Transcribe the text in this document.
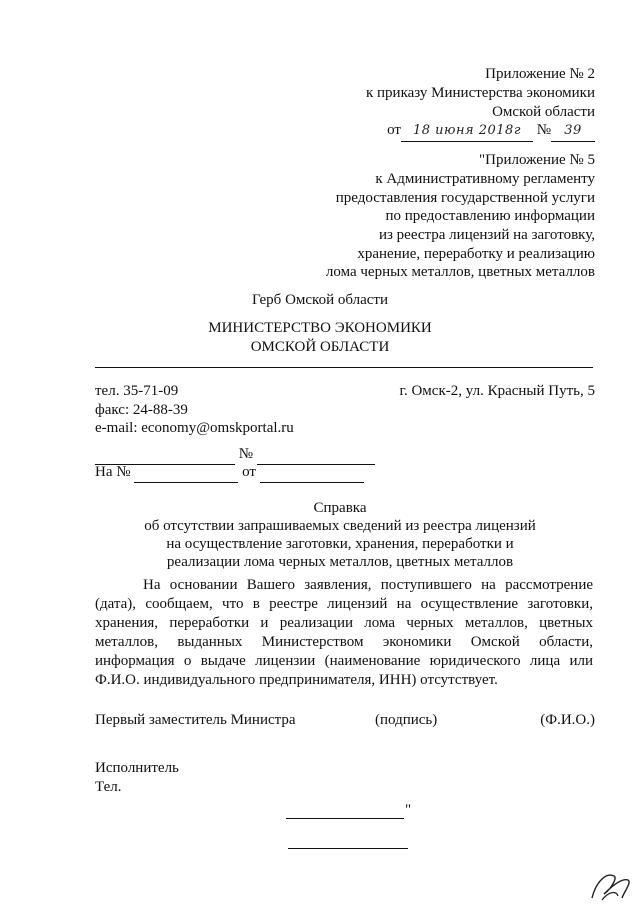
Приложение № 2
к приказу Министерства экономики
Омской области
от 18 июня 2018г № 39
"Приложение № 5
к Административному регламенту
предоставления государственной услуги
по предоставлению информации
из реестра лицензий на заготовку,
хранение, переработку и реализацию
лома черных металлов, цветных металлов
Герб Омской области
МИНИСТЕРСТВО ЭКОНОМИКИ
ОМСКОЙ ОБЛАСТИ
тел. 35-71-09
факс: 24-88-39
e-mail: economy@omskportal.ru
г. Омск-2, ул. Красный Путь, 5
№
На №	от
Справка
об отсутствии запрашиваемых сведений из реестра лицензий
на осуществление заготовки, хранения, переработки и
реализации лома черных металлов, цветных металлов
На основании Вашего заявления, поступившего на рассмотрение (дата), сообщаем, что в реестре лицензий на осуществление заготовки, хранения, переработки и реализации лома черных металлов, цветных металлов, выданных Министерством экономики Омской области, информация о выдаче лицензии (наименование юридического лица или Ф.И.О. индивидуального предпринимателя, ИНН) отсутствует.
Первый заместитель Министра	(подпись)	(Ф.И.О.)
Исполнитель
Тел.
"
